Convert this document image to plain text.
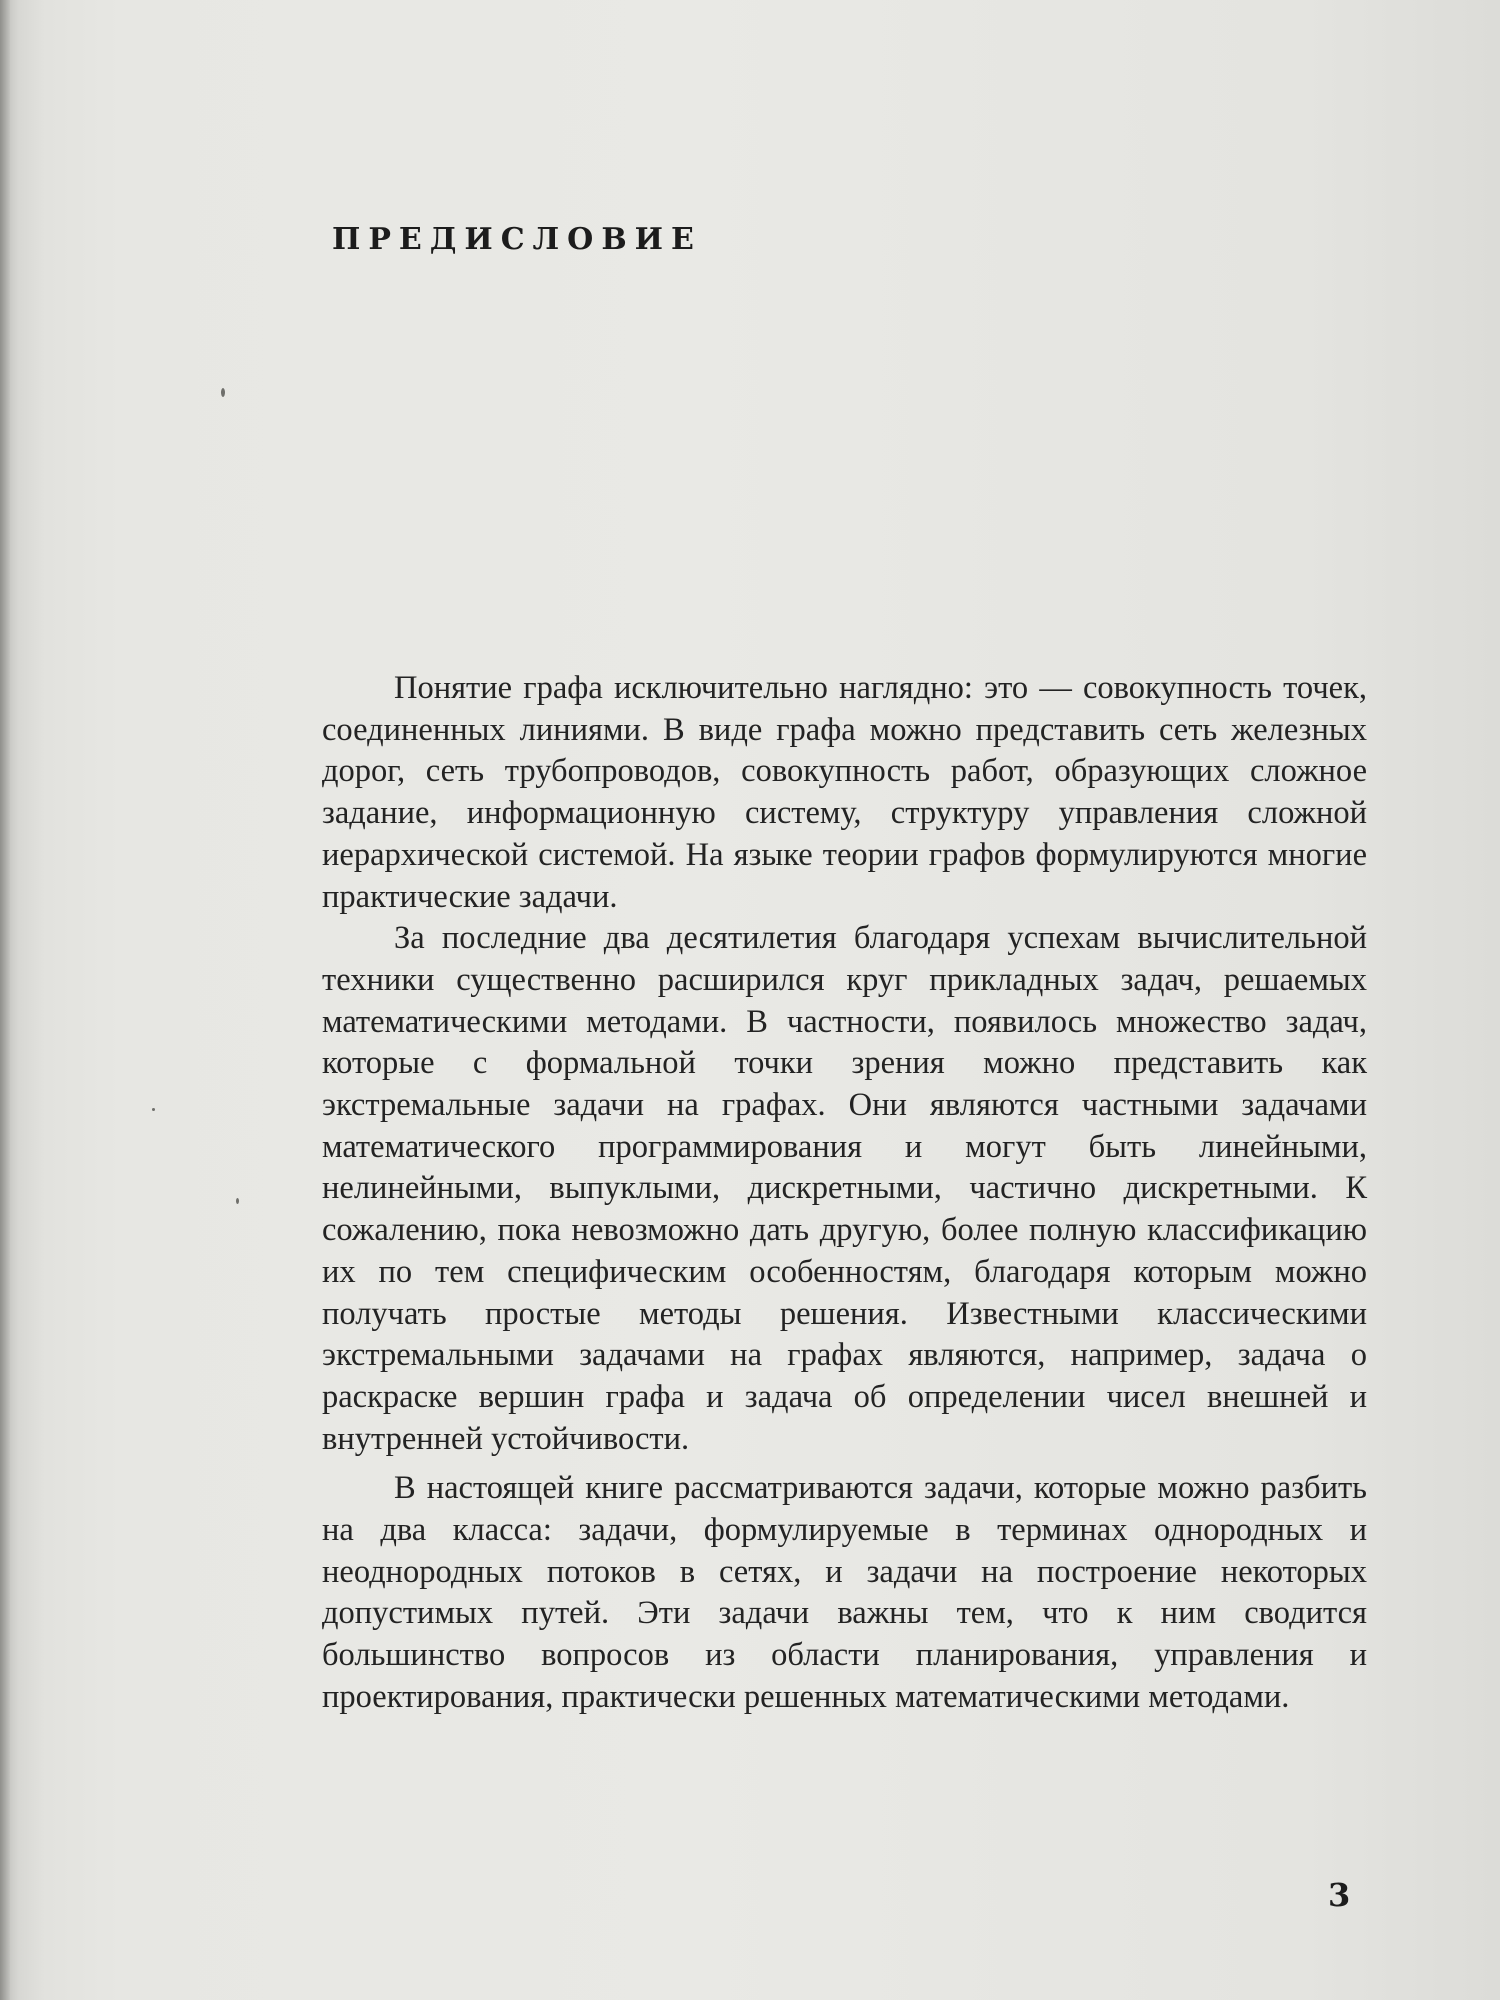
ПРЕДИСЛОВИЕ

Понятие графа исключительно наглядно: это — совокупность точек, соединенных линиями. В виде графа можно представить сеть железных дорог, сеть трубопроводов, совокупность работ, образующих сложное задание, информационную систему, структуру управления сложной иерархической системой. На языке теории графов формулируются многие практические задачи.

За последние два десятилетия благодаря успехам вычислительной техники существенно расширился круг прикладных задач, решаемых математическими методами. В частности, появилось множество задач, которые с формальной точки зрения можно представить как экстремальные задачи на графах. Они являются частными задачами математического программирования и могут быть линейными, нелинейными, выпуклыми, дискретными, частично дискретными. К сожалению, пока невозможно дать другую, более полную классификацию их по тем специфическим особенностям, благодаря которым можно получать простые методы решения. Известными классическими экстремальными задачами на графах являются, например, задача о раскраске вершин графа и задача об определении чисел внешней и внутренней устойчивости.

В настоящей книге рассматриваются задачи, которые можно разбить на два класса: задачи, формулируемые в терминах однородных и неоднородных потоков в сетях, и задачи на построение некоторых допустимых путей. Эти задачи важны тем, что к ним сводится большинство вопросов из области планирования, управления и проектирования, практически решенных математическими методами.

3
